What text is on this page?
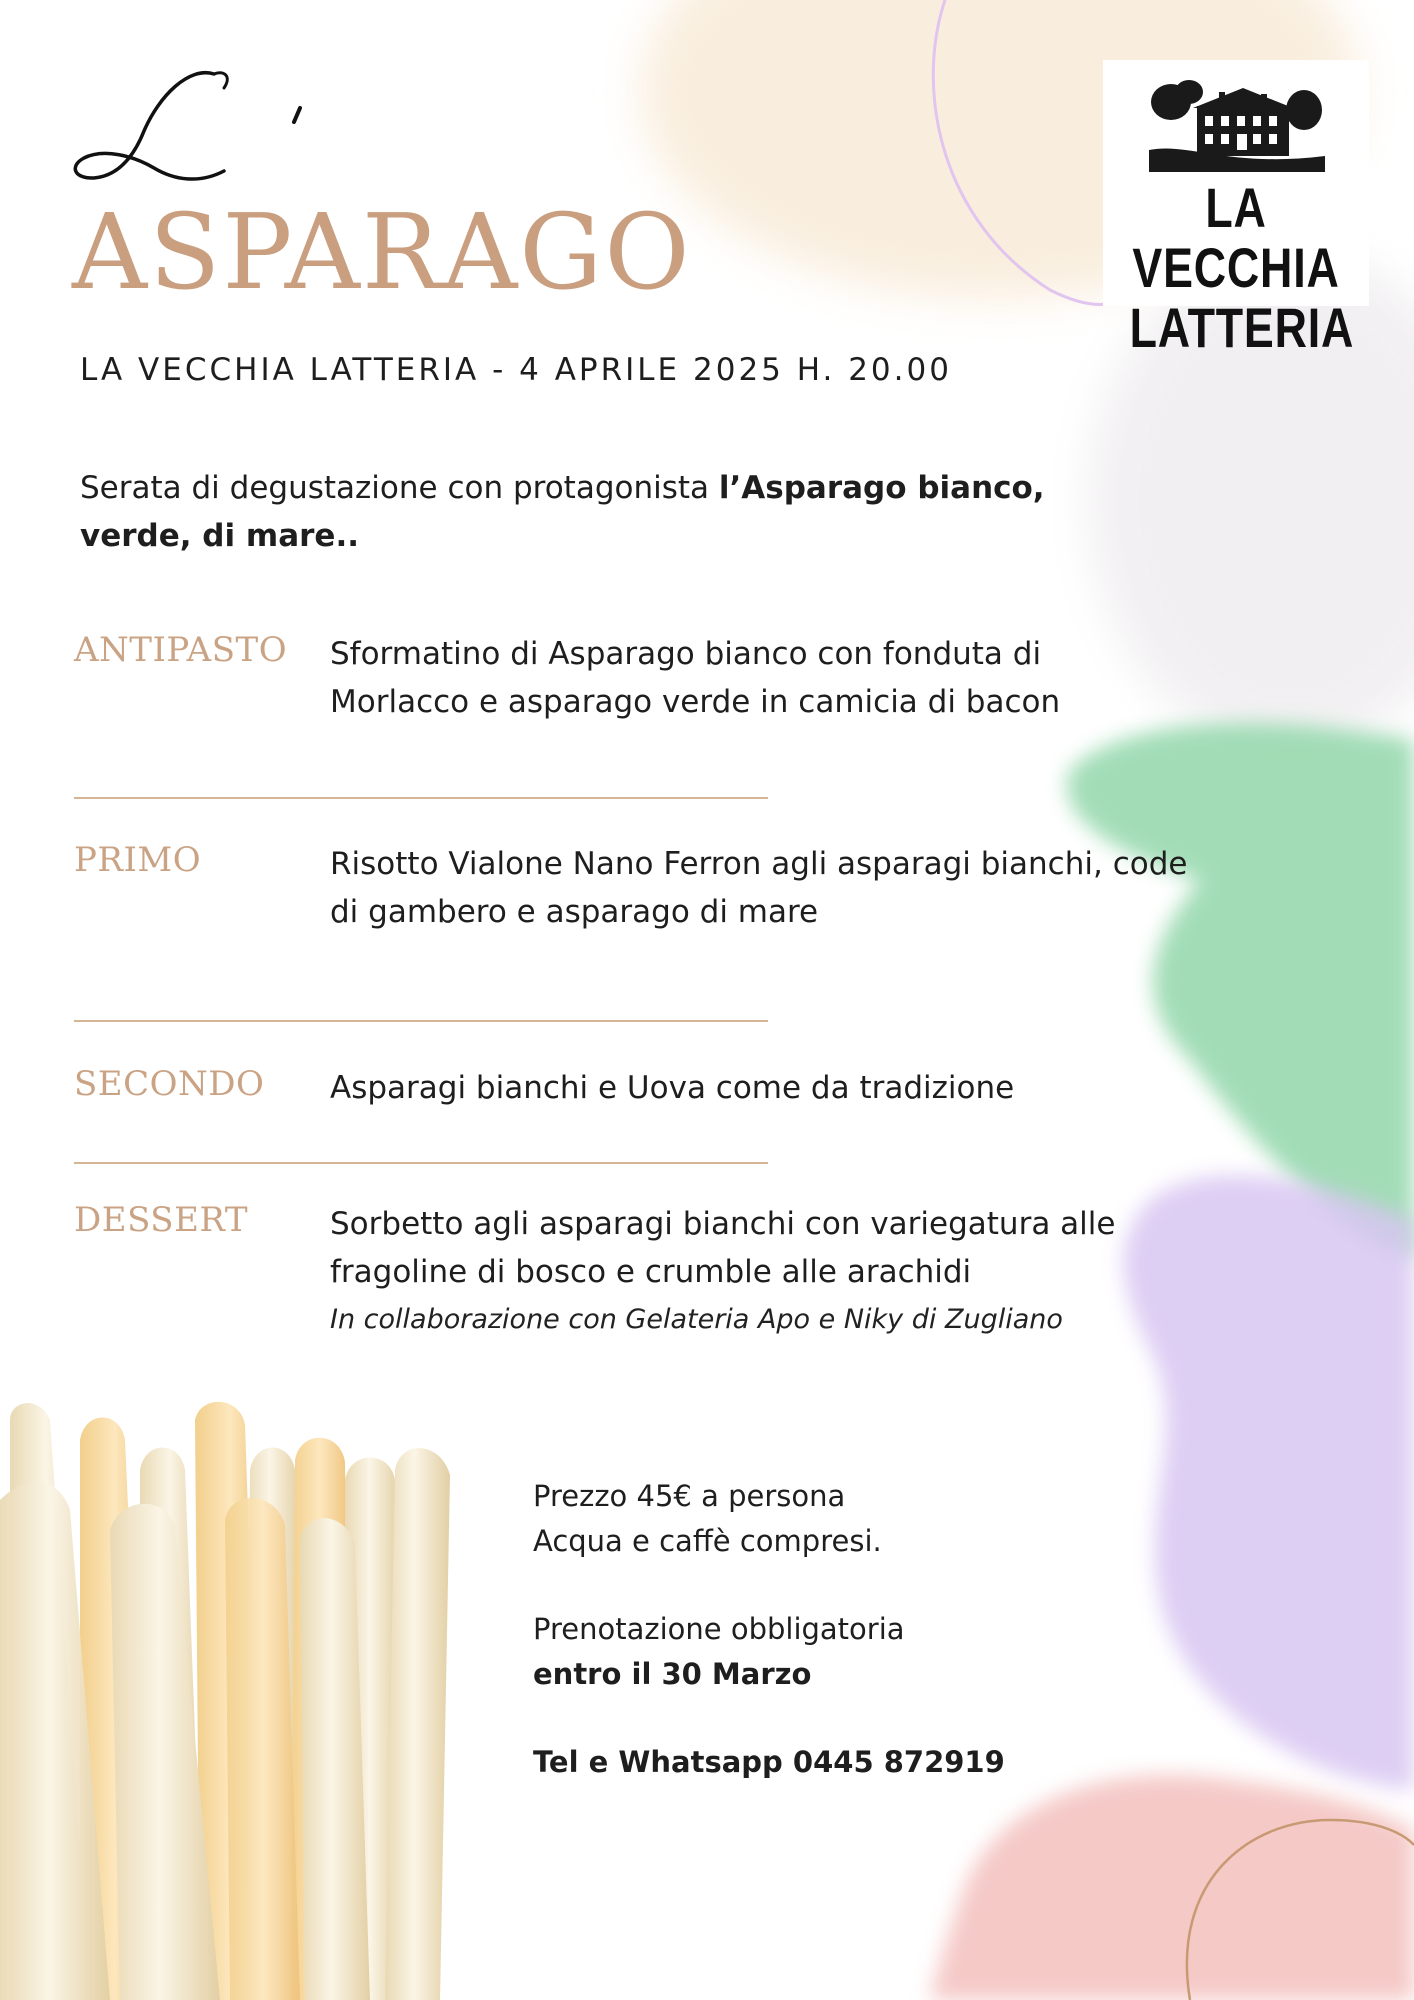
L'
ASPARAGO

LA VECCHIA LATTERIA - 4 APRILE 2025 H. 20.00

Serata di degustazione con protagonista l’Asparago bianco, verde, di mare..

LA VECCHIA
LATTERIA

ANTIPASTO Sformatino di Asparago bianco con fonduta di Morlacco e asparago verde in camicia di bacon

PRIMO	Risotto Vialone Nano Ferron agli asparagi bianchi, code di gambero e asparago di mare

SECONDO Asparagi bianchi e Uova come da tradizione

DESSERT	Sorbetto agli asparagi bianchi con variegatura alle fragoline di bosco e crumble alle arachidi

In collaborazione con Gelateria Apo e Niky di Zugliano

Prezzo 45€ a persona

Acqua e caffè compresi.

Prenotazione obbligatoria

entro il 30 Marzo

Tel e Whatsapp 0445 872919
